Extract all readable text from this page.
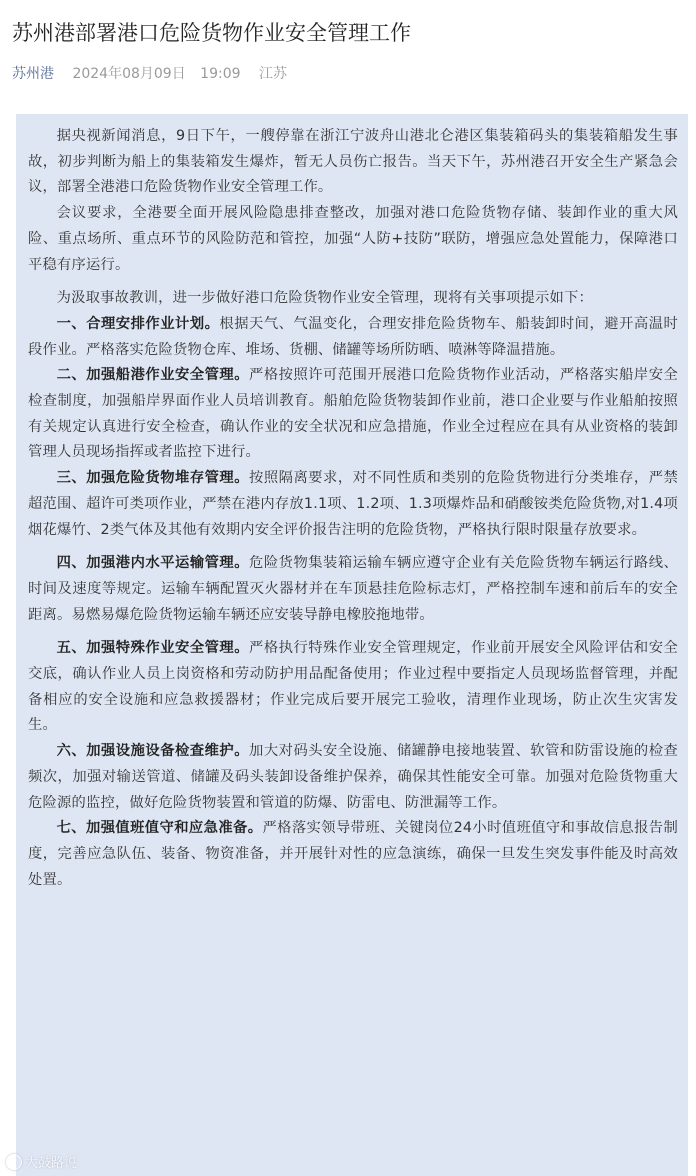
苏州港部署港口危险货物作业安全管理工作
苏州港 2024年08月09日 19:09 江苏

据央视新闻消息，9日下午，一艘停靠在浙江宁波舟山港北仑港区集装箱码头的集装箱船发生事故，初步判断为船上的集装箱发生爆炸，暂无人员伤亡报告。当天下午，苏州港召开安全生产紧急会议，部署全港港口危险货物作业安全管理工作。

会议要求，全港要全面开展风险隐患排查整改，加强对港口危险货物存储、装卸作业的重大风险、重点场所、重点环节的风险防范和管控，加强“人防+技防”联防，增强应急处置能力，保障港口平稳有序运行。

为汲取事故教训，进一步做好港口危险货物作业安全管理，现将有关事项提示如下：

一、合理安排作业计划。根据天气、气温变化，合理安排危险货物车、船装卸时间，避开高温时段作业。严格落实危险货物仓库、堆场、货棚、储罐等场所防晒、喷淋等降温措施。

二、加强船港作业安全管理。严格按照许可范围开展港口危险货物作业活动，严格落实船岸安全检查制度，加强船岸界面作业人员培训教育。船舶危险货物装卸作业前，港口企业要与作业船舶按照有关规定认真进行安全检查，确认作业的安全状况和应急措施，作业全过程应在具有从业资格的装卸管理人员现场指挥或者监控下进行。

三、加强危险货物堆存管理。按照隔离要求，对不同性质和类别的危险货物进行分类堆存，严禁超范围、超许可类项作业，严禁在港内存放1.1项、1.2项、1.3项爆炸品和硝酸铵类危险货物,对1.4项烟花爆竹、2类气体及其他有效期内安全评价报告注明的危险货物，严格执行限时限量存放要求。

四、加强港内水平运输管理。危险货物集装箱运输车辆应遵守企业有关危险货物车辆运行路线、时间及速度等规定。运输车辆配置灭火器材并在车顶悬挂危险标志灯，严格控制车速和前后车的安全距离。易燃易爆危险货物运输车辆还应安装导静电橡胶拖地带。

五、加强特殊作业安全管理。严格执行特殊作业安全管理规定，作业前开展安全风险评估和安全交底，确认作业人员上岗资格和劳动防护用品配备使用；作业过程中要指定人员现场监督管理，并配备相应的安全设施和应急救援器材；作业完成后要开展完工验收，清理作业现场，防止次生灾害发生。

六、加强设施设备检查维护。加大对码头安全设施、储罐静电接地装置、软管和防雷设施的检查频次，加强对输送管道、储罐及码头装卸设备维护保养，确保其性能安全可靠。加强对危险货物重大危险源的监控，做好危险货物装置和管道的防爆、防雷电、防泄漏等工作。

七、加强值班值守和应急准备。严格落实领导带班、关键岗位24小时值班值守和事故信息报告制度，完善应急队伍、装备、物资准备，并开展针对性的应急演练，确保一旦发生突发事件能及时高效处置。

大鼓路说
